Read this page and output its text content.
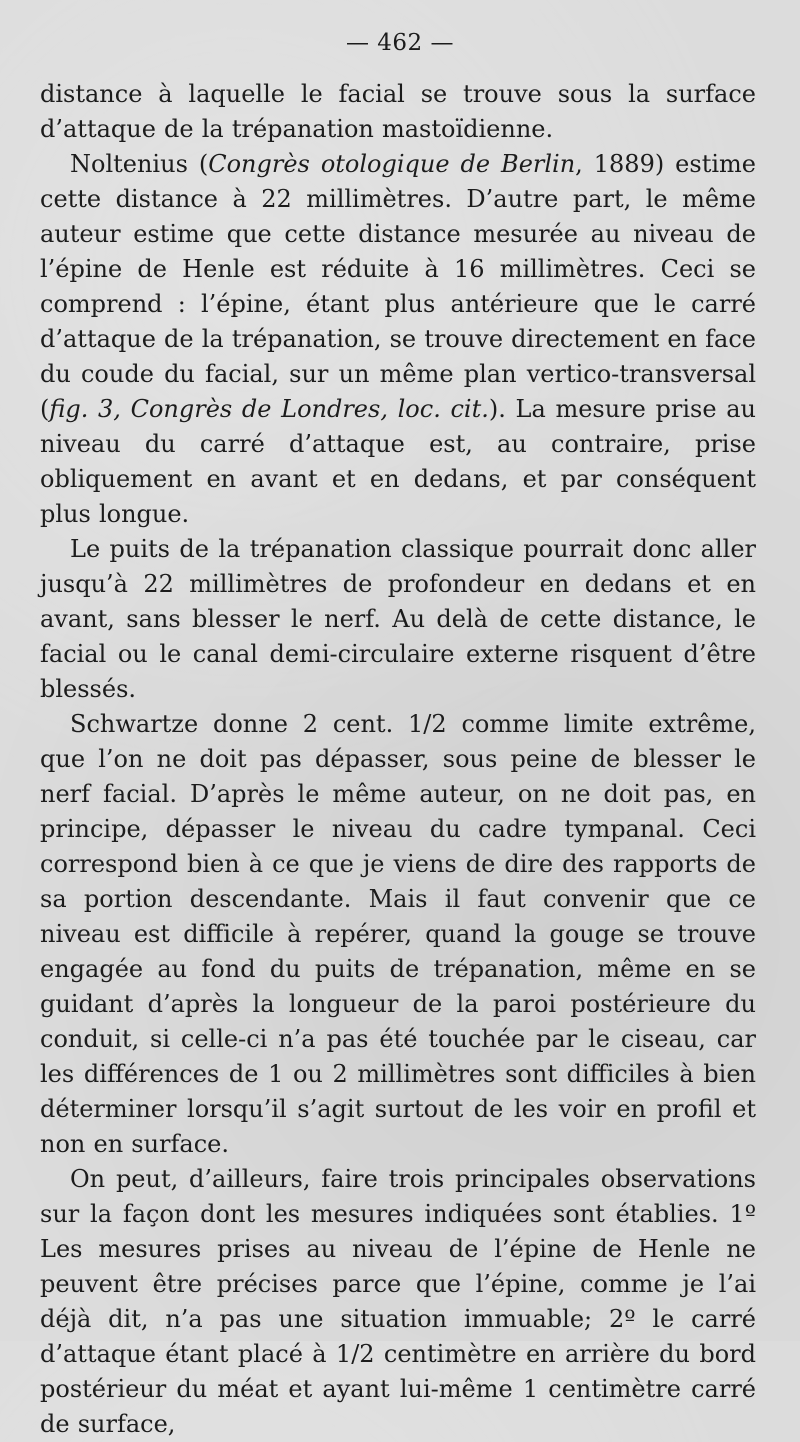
— 462 —

distance à laquelle le facial se trouve sous la surface d’attaque de la trépanation mastoïdienne.

Noltenius (Congrès otologique de Berlin, 1889) estime cette distance à 22 millimètres. D’autre part, le même auteur estime que cette distance mesurée au niveau de l’épine de Henle est réduite à 16 millimètres. Ceci se comprend : l’épine, étant plus antérieure que le carré d’attaque de la trépanation, se trouve directement en face du coude du facial, sur un même plan vertico-transversal (fig. 3, Congrès de Londres, loc. cit.). La mesure prise au niveau du carré d’attaque est, au contraire, prise obliquement en avant et en dedans, et par conséquent plus longue.

Le puits de la trépanation classique pourrait donc aller jusqu’à 22 millimètres de profondeur en dedans et en avant, sans blesser le nerf. Au delà de cette distance, le facial ou le canal demi-circulaire externe risquent d’être blessés.

Schwartze donne 2 cent. 1/2 comme limite extrême, que l’on ne doit pas dépasser, sous peine de blesser le nerf facial. D’après le même auteur, on ne doit pas, en principe, dépasser le niveau du cadre tympanal. Ceci correspond bien à ce que je viens de dire des rapports de sa portion descendante. Mais il faut convenir que ce niveau est difficile à repérer, quand la gouge se trouve engagée au fond du puits de trépanation, même en se guidant d’après la longueur de la paroi postérieure du conduit, si celle-ci n’a pas été touchée par le ciseau, car les différences de 1 ou 2 millimètres sont difficiles à bien déterminer lorsqu’il s’agit surtout de les voir en profil et non en surface.

On peut, d’ailleurs, faire trois principales observations sur la façon dont les mesures indiquées sont établies. 1º Les mesures prises au niveau de l’épine de Henle ne peuvent être précises parce que l’épine, comme je l’ai déjà dit, n’a pas une situation immuable; 2º le carré d’attaque étant placé à 1/2 centimètre en arrière du bord postérieur du méat et ayant lui-même 1 centimètre carré de surface,
